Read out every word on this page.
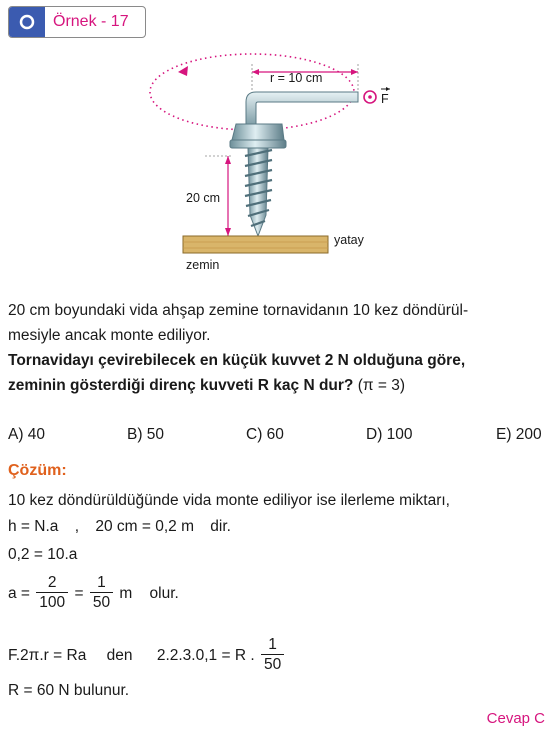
Örnek - 17
r = 10 cm
F
20 cm
yatay
zemin
20 cm boyundaki vida ahşap zemine tornavidanın 10 kez döndürül-
mesiyle ancak monte ediliyor.
Tornavidayı çevirebilecek en küçük kuvvet 2 N olduğuna göre,
zeminin gösterdiği direnç kuvveti R kaç N dur? (π = 3)
A) 40	B) 50	C) 60	D) 100	E) 200
Çözüm:
10 kez döndürüldüğünde vida monte ediliyor ise ilerleme miktarı,
h = N.a , 20 cm = 0,2 m dir.
0,2 = 10.a
$a = \frac{2}{100} = \frac{1}{50}$ m    olur.
F.2π.r = Ra den 2.2.3.0,1 = R . $\frac{1}{50}$
R = 60 N bulunur.
Cevap C
